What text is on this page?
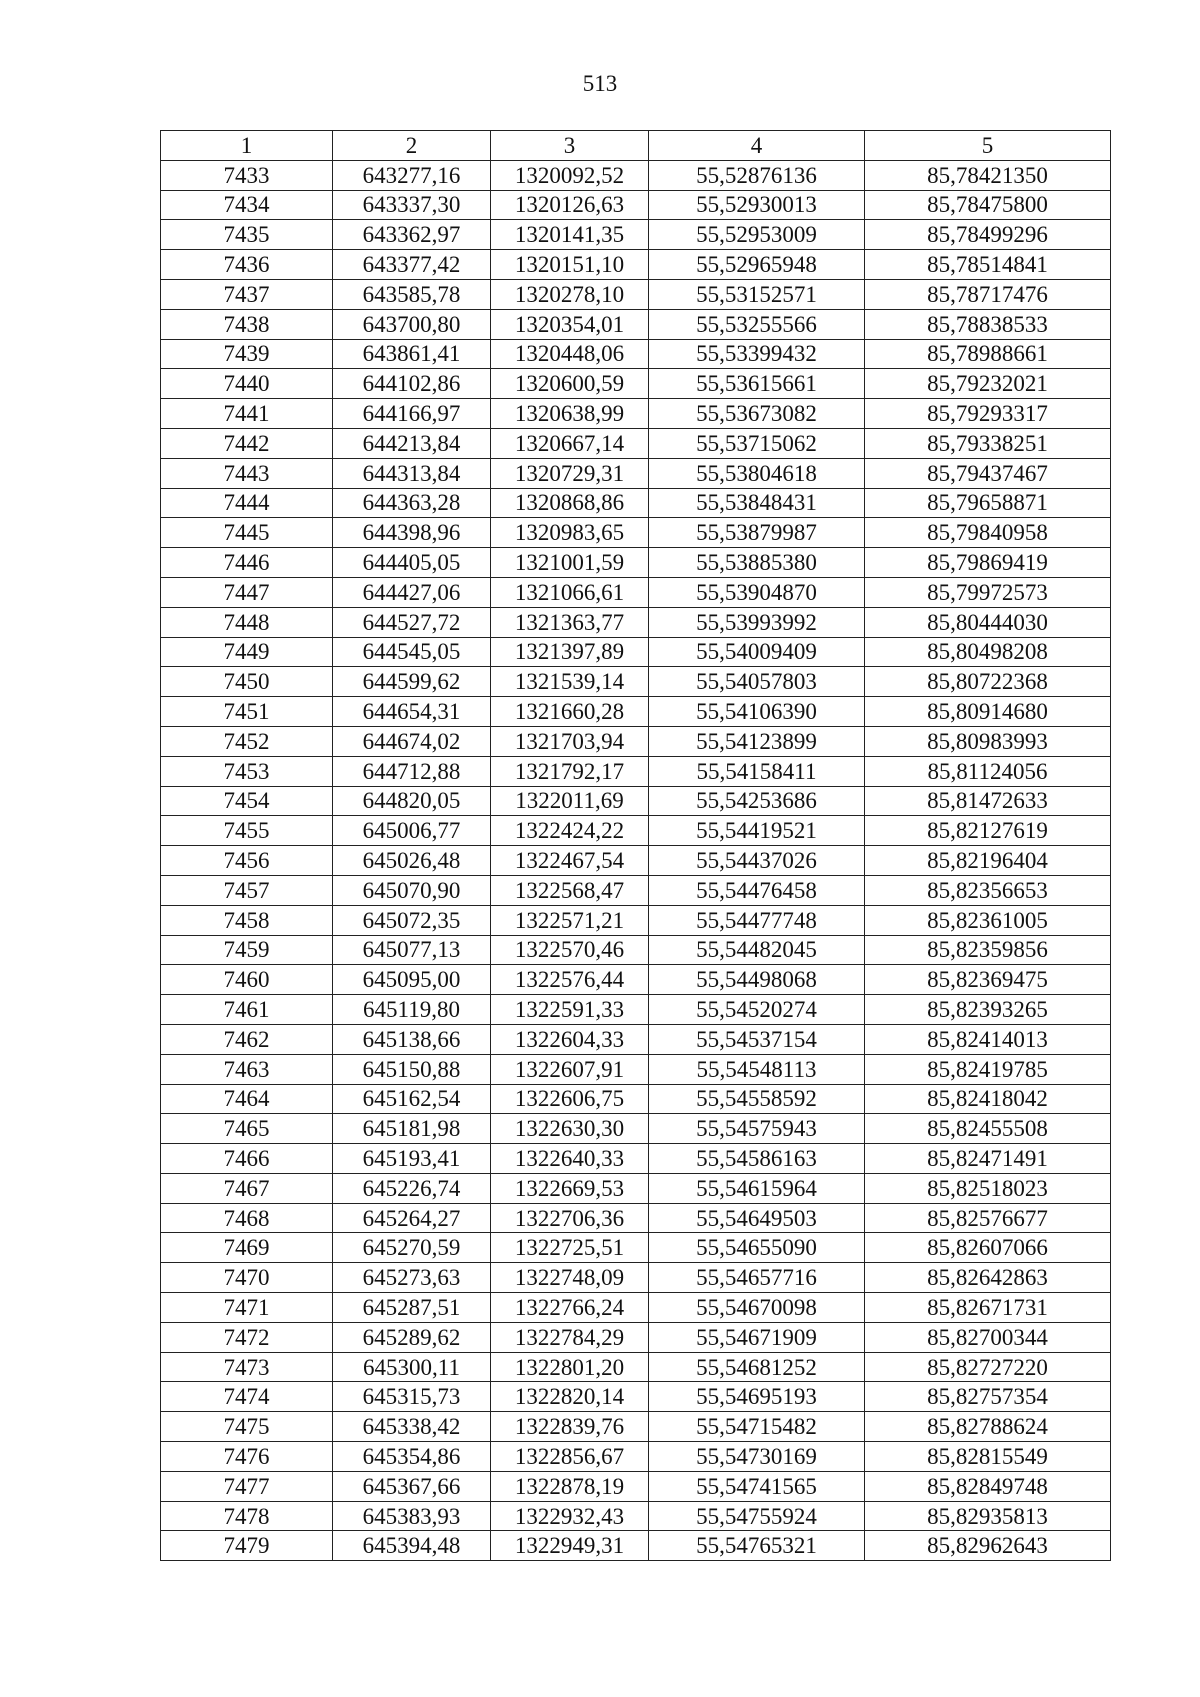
513
1	2	3	4	5
7433	643277,16	1320092,52	55,52876136	85,78421350
7434	643337,30	1320126,63	55,52930013	85,78475800
7435	643362,97	1320141,35	55,52953009	85,78499296
7436	643377,42	1320151,10	55,52965948	85,78514841
7437	643585,78	1320278,10	55,53152571	85,78717476
7438	643700,80	1320354,01	55,53255566	85,78838533
7439	643861,41	1320448,06	55,53399432	85,78988661
7440	644102,86	1320600,59	55,53615661	85,79232021
7441	644166,97	1320638,99	55,53673082	85,79293317
7442	644213,84	1320667,14	55,53715062	85,79338251
7443	644313,84	1320729,31	55,53804618	85,79437467
7444	644363,28	1320868,86	55,53848431	85,79658871
7445	644398,96	1320983,65	55,53879987	85,79840958
7446	644405,05	1321001,59	55,53885380	85,79869419
7447	644427,06	1321066,61	55,53904870	85,79972573
7448	644527,72	1321363,77	55,53993992	85,80444030
7449	644545,05	1321397,89	55,54009409	85,80498208
7450	644599,62	1321539,14	55,54057803	85,80722368
7451	644654,31	1321660,28	55,54106390	85,80914680
7452	644674,02	1321703,94	55,54123899	85,80983993
7453	644712,88	1321792,17	55,54158411	85,81124056
7454	644820,05	1322011,69	55,54253686	85,81472633
7455	645006,77	1322424,22	55,54419521	85,82127619
7456	645026,48	1322467,54	55,54437026	85,82196404
7457	645070,90	1322568,47	55,54476458	85,82356653
7458	645072,35	1322571,21	55,54477748	85,82361005
7459	645077,13	1322570,46	55,54482045	85,82359856
7460	645095,00	1322576,44	55,54498068	85,82369475
7461	645119,80	1322591,33	55,54520274	85,82393265
7462	645138,66	1322604,33	55,54537154	85,82414013
7463	645150,88	1322607,91	55,54548113	85,82419785
7464	645162,54	1322606,75	55,54558592	85,82418042
7465	645181,98	1322630,30	55,54575943	85,82455508
7466	645193,41	1322640,33	55,54586163	85,82471491
7467	645226,74	1322669,53	55,54615964	85,82518023
7468	645264,27	1322706,36	55,54649503	85,82576677
7469	645270,59	1322725,51	55,54655090	85,82607066
7470	645273,63	1322748,09	55,54657716	85,82642863
7471	645287,51	1322766,24	55,54670098	85,82671731
7472	645289,62	1322784,29	55,54671909	85,82700344
7473	645300,11	1322801,20	55,54681252	85,82727220
7474	645315,73	1322820,14	55,54695193	85,82757354
7475	645338,42	1322839,76	55,54715482	85,82788624
7476	645354,86	1322856,67	55,54730169	85,82815549
7477	645367,66	1322878,19	55,54741565	85,82849748
7478	645383,93	1322932,43	55,54755924	85,82935813
7479	645394,48	1322949,31	55,54765321	85,82962643
